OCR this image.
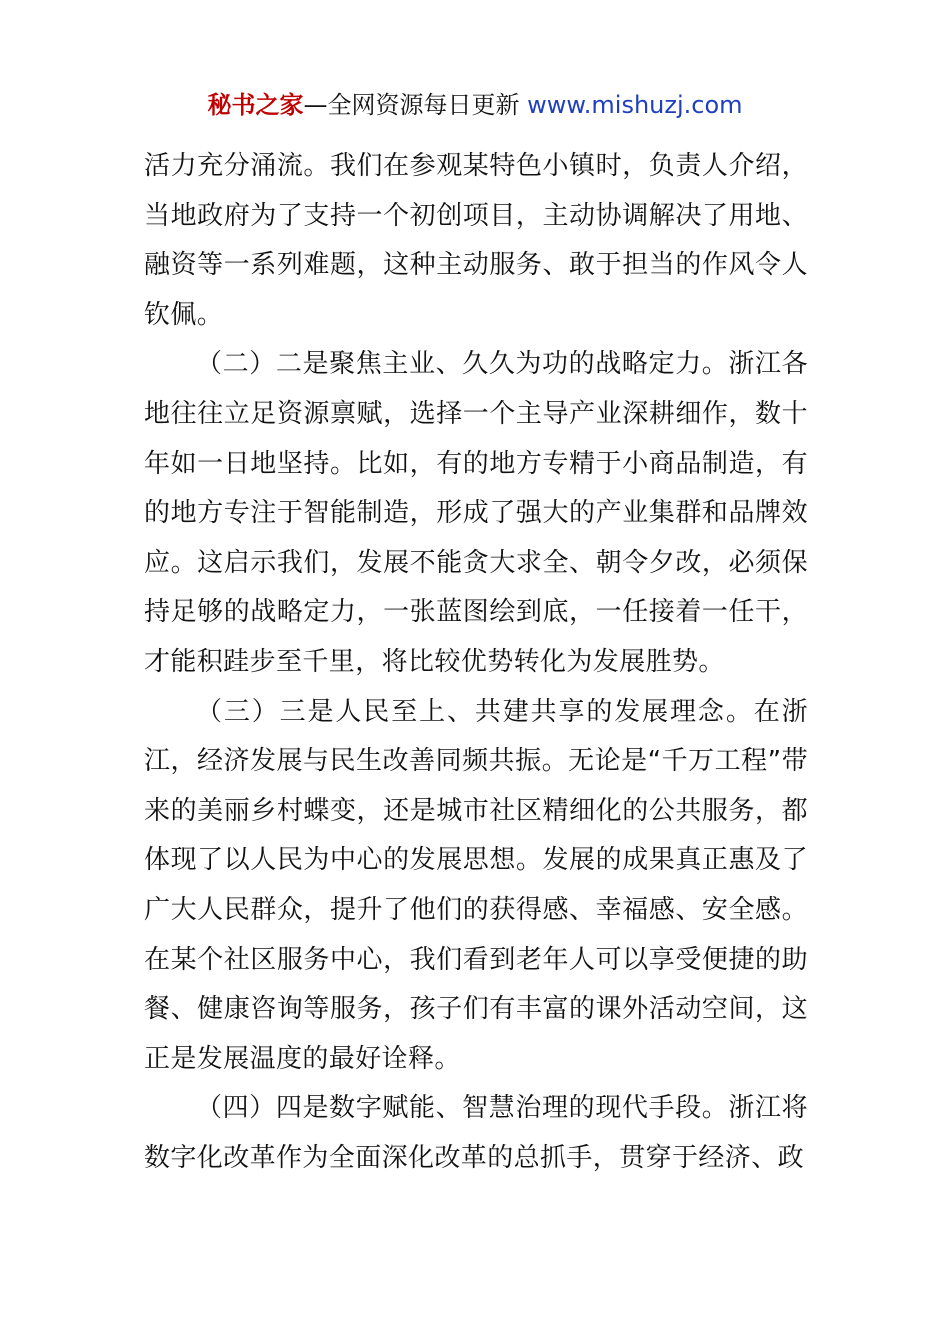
秘书之家—全网资源每日更新 www.mishuzj.com

活力充分涌流。我们在参观某特色小镇时，负责人介绍，当地政府为了支持一个初创项目，主动协调解决了用地、融资等一系列难题，这种主动服务、敢于担当的作风令人钦佩。

（二）二是聚焦主业、久久为功的战略定力。浙江各地往往立足资源禀赋，选择一个主导产业深耕细作，数十年如一日地坚持。比如，有的地方专精于小商品制造，有的地方专注于智能制造，形成了强大的产业集群和品牌效应。这启示我们，发展不能贪大求全、朝令夕改，必须保持足够的战略定力，一张蓝图绘到底，一任接着一任干，才能积跬步至千里，将比较优势转化为发展胜势。

（三）三是人民至上、共建共享的发展理念。在浙江，经济发展与民生改善同频共振。无论是“千万工程”带来的美丽乡村蝶变，还是城市社区精细化的公共服务，都体现了以人民为中心的发展思想。发展的成果真正惠及了广大人民群众，提升了他们的获得感、幸福感、安全感。在某个社区服务中心，我们看到老年人可以享受便捷的助餐、健康咨询等服务，孩子们有丰富的课外活动空间，这正是发展温度的最好诠释。

（四）四是数字赋能、智慧治理的现代手段。浙江将数字化改革作为全面深化改革的总抓手，贯穿于经济、政
